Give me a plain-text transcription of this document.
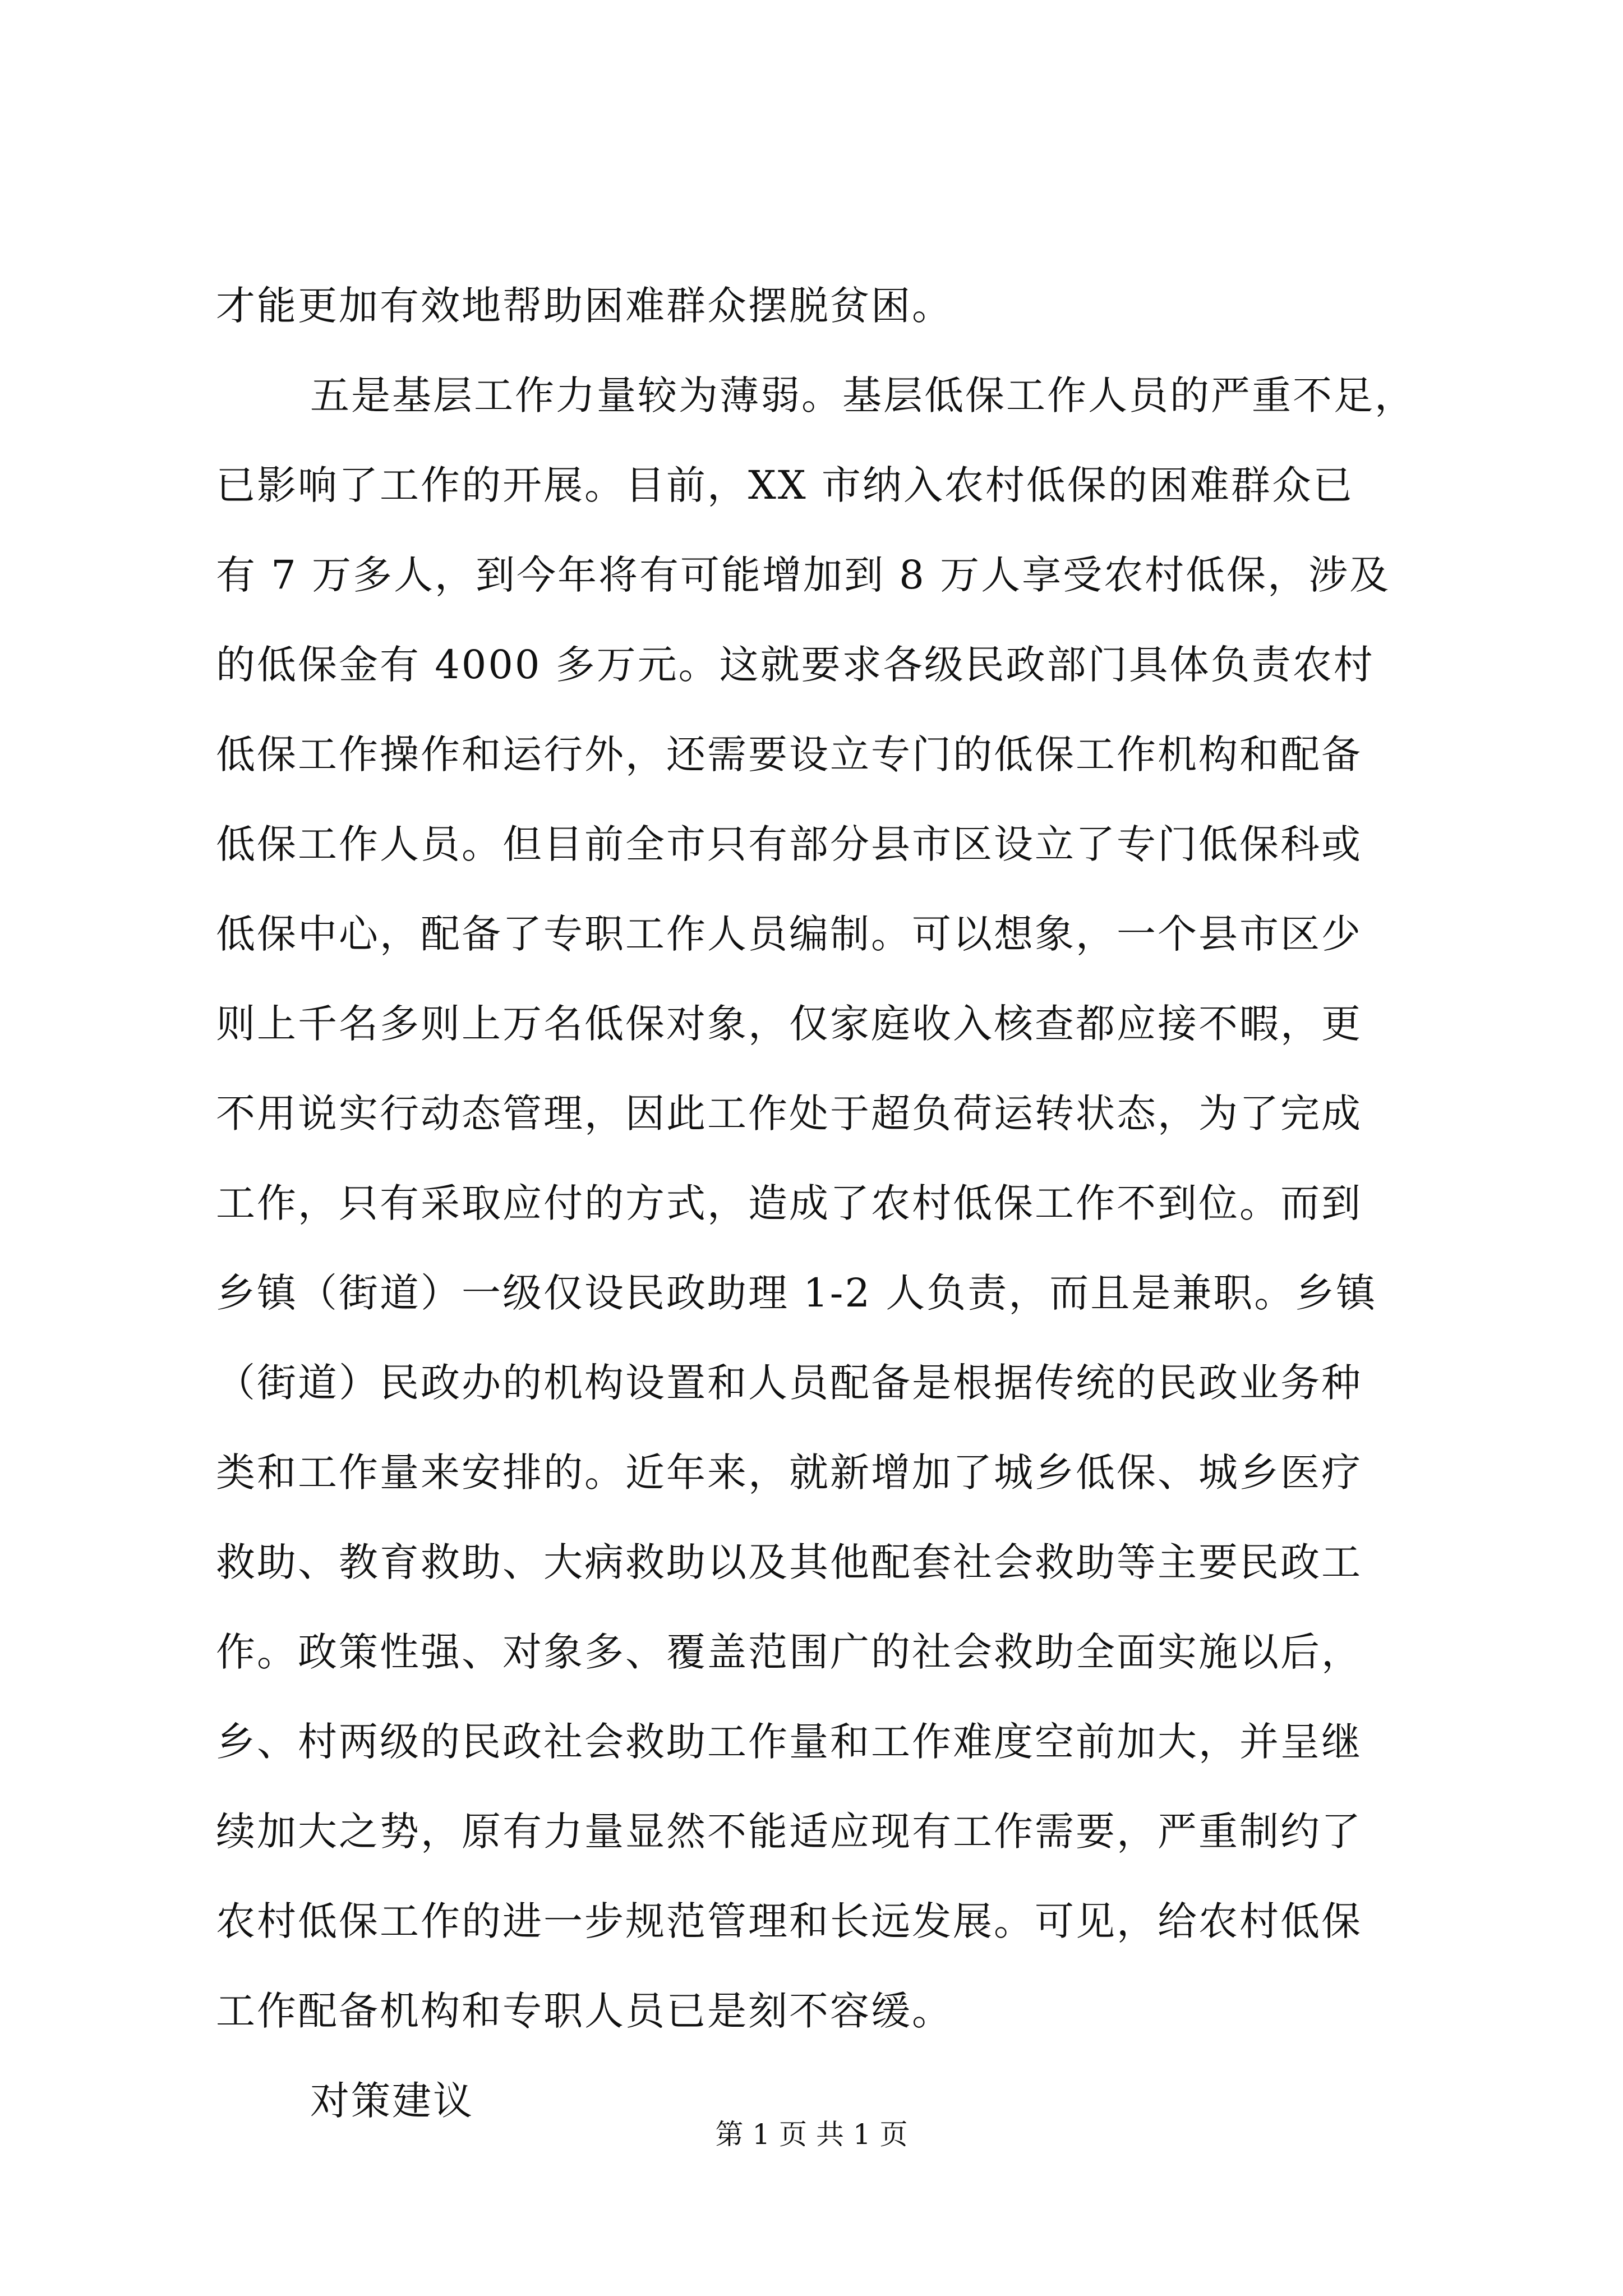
才能更加有效地帮助困难群众摆脱贫困。
五是基层工作力量较为薄弱。基层低保工作人员的严重不足，
已影响了工作的开展。目前，XX 市纳入农村低保的困难群众已
有 7 万多人，到今年将有可能增加到 8 万人享受农村低保，涉及
的低保金有 4000 多万元。这就要求各级民政部门具体负责农村
低保工作操作和运行外，还需要设立专门的低保工作机构和配备
低保工作人员。但目前全市只有部分县市区设立了专门低保科或
低保中心，配备了专职工作人员编制。可以想象，一个县市区少
则上千名多则上万名低保对象，仅家庭收入核查都应接不暇，更
不用说实行动态管理，因此工作处于超负荷运转状态，为了完成
工作，只有采取应付的方式，造成了农村低保工作不到位。而到
乡镇（街道）一级仅设民政助理 1-2 人负责，而且是兼职。乡镇
（街道）民政办的机构设置和人员配备是根据传统的民政业务种
类和工作量来安排的。近年来，就新增加了城乡低保、城乡医疗
救助、教育救助、大病救助以及其他配套社会救助等主要民政工
作。政策性强、对象多、覆盖范围广的社会救助全面实施以后，
乡、村两级的民政社会救助工作量和工作难度空前加大，并呈继
续加大之势，原有力量显然不能适应现有工作需要，严重制约了
农村低保工作的进一步规范管理和长远发展。可见，给农村低保
工作配备机构和专职人员已是刻不容缓。
对策建议
第 1 页 共 1 页
